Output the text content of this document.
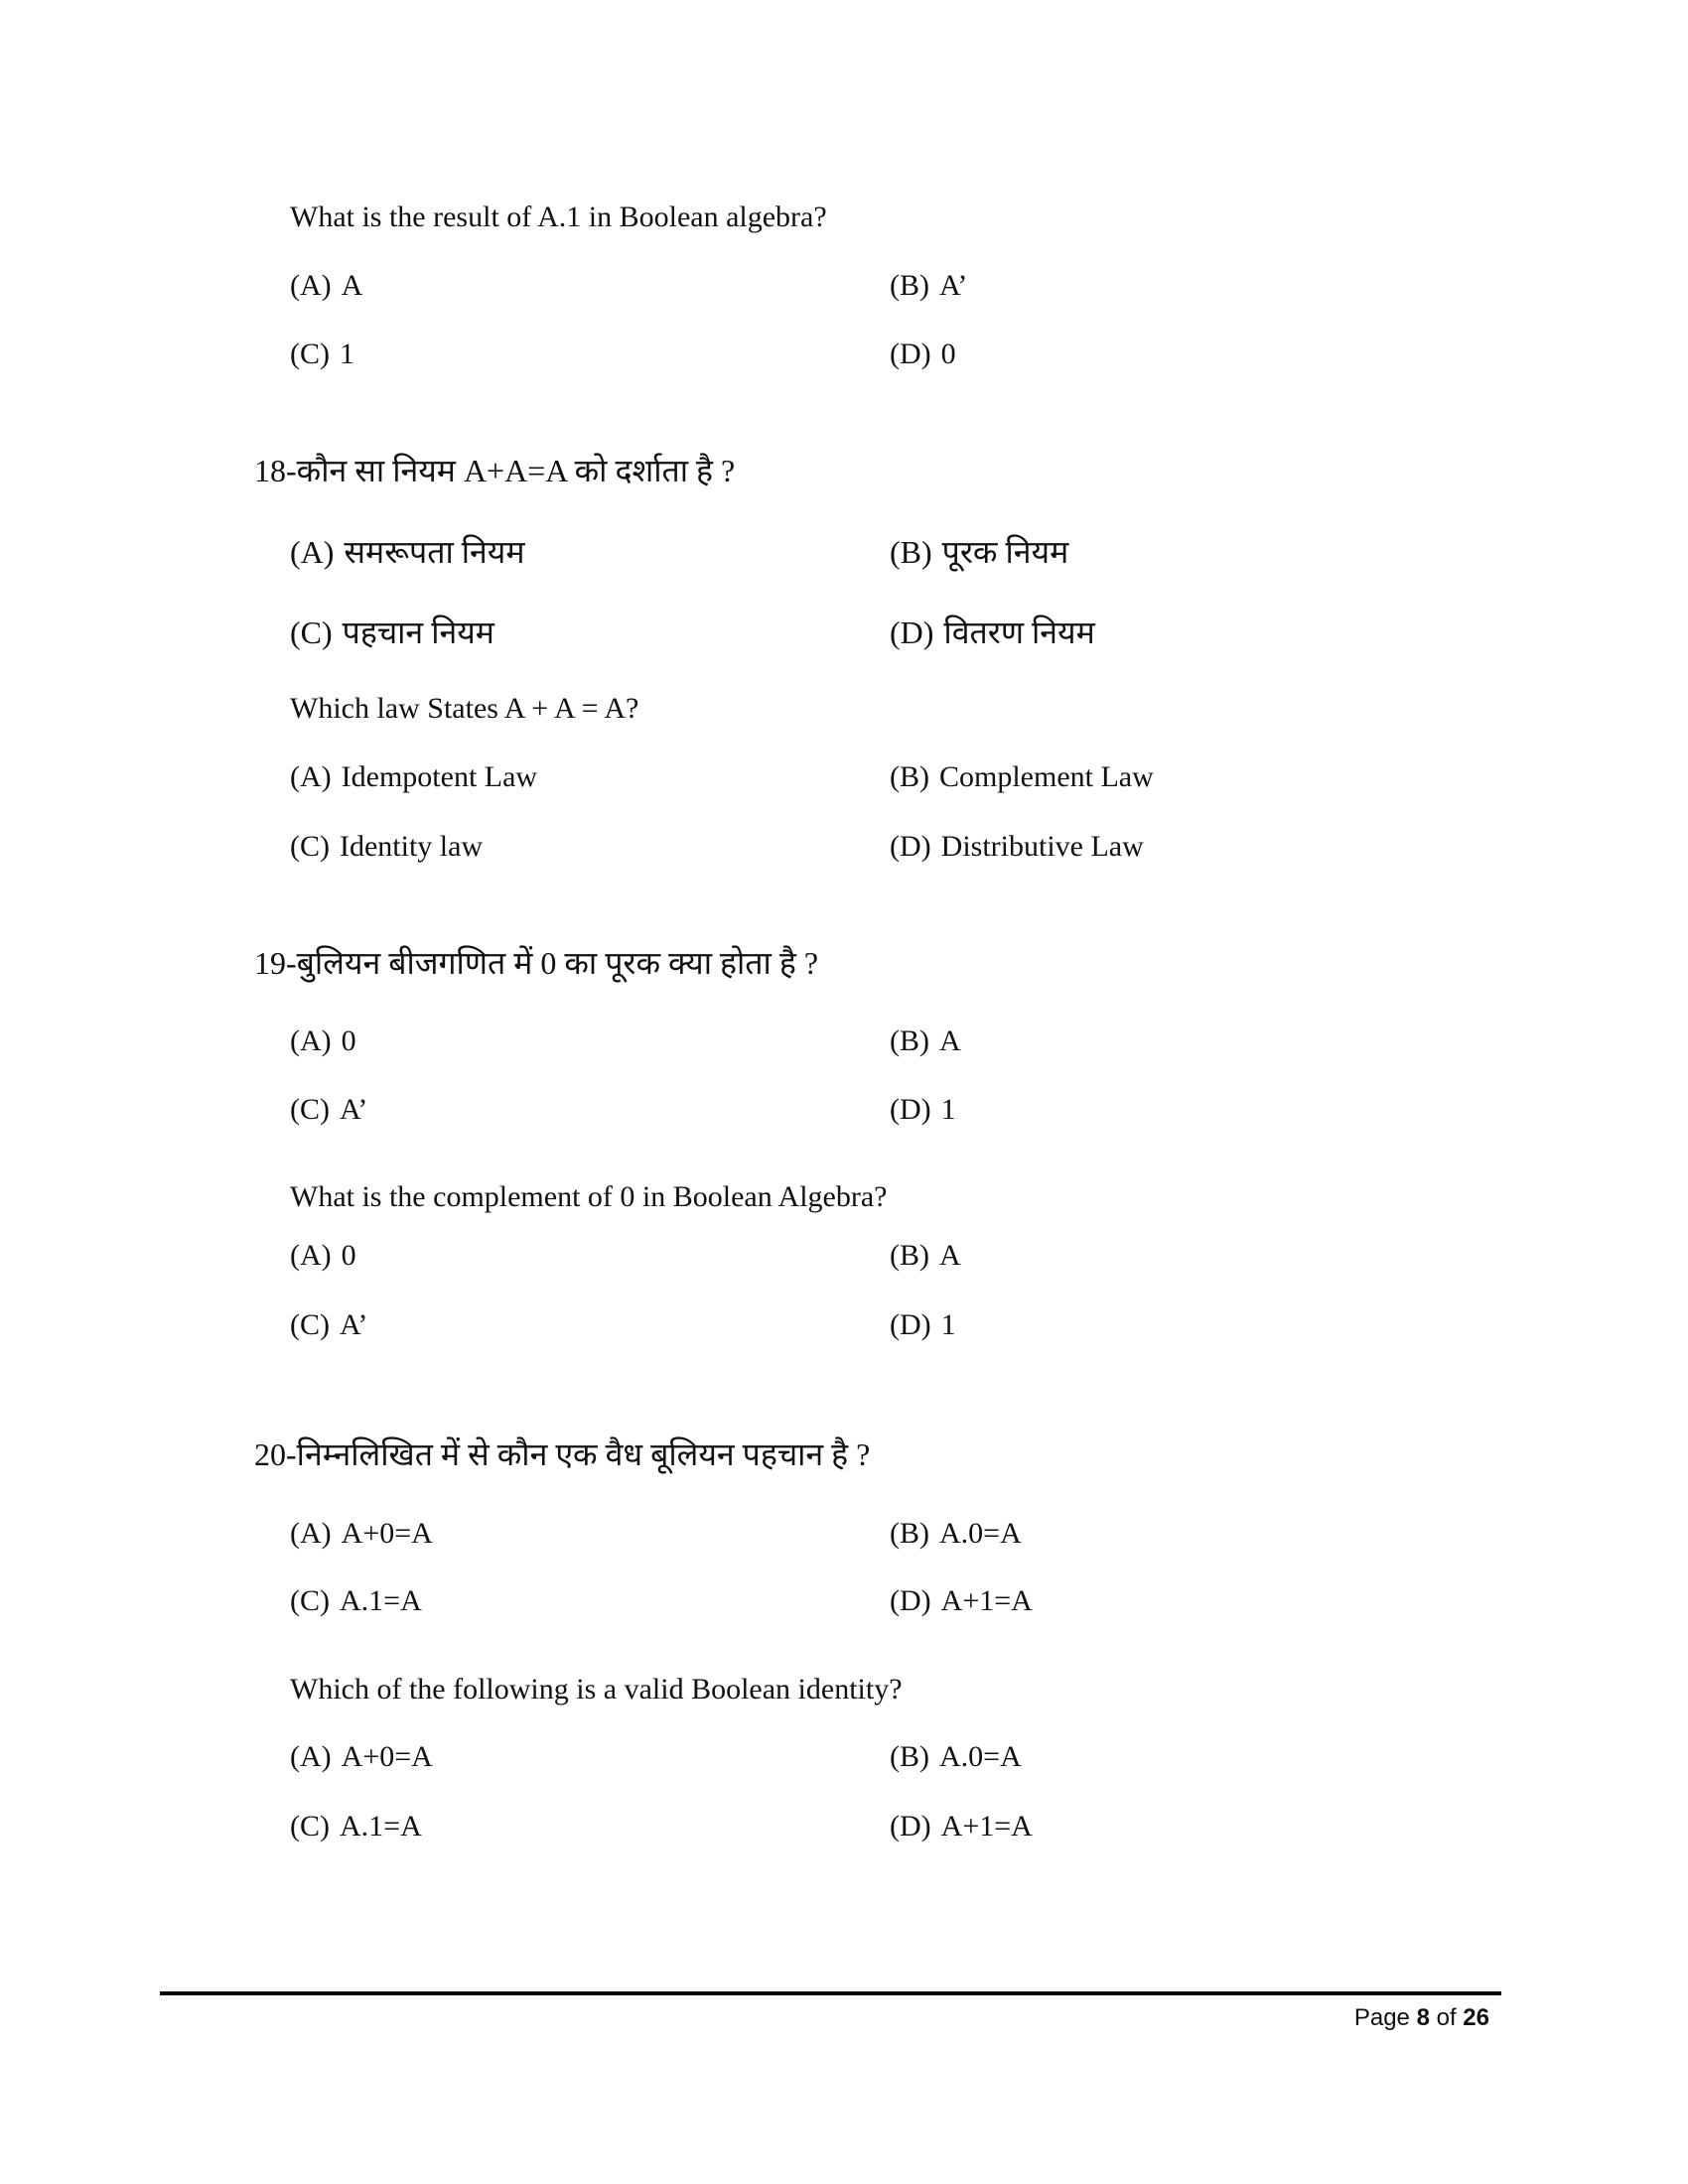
What is the result of A.1 in Boolean algebra?
(A) A	(B) A’
(C) 1	(D) 0
18-कौन सा नियम A+A=A को दर्शाता है ?
(A) समरूपता नियम	(B) पूरक नियम
(C) पहचान नियम	(D) वितरण नियम
Which law States A + A = A?
(A) Idempotent Law	(B) Complement Law
(C) Identity law	(D) Distributive Law
19-बुलियन बीजगणित में 0 का पूरक क्या होता है ?
(A) 0	(B) A
(C) A’	(D) 1
What is the complement of 0 in Boolean Algebra?
(A) 0	(B) A
(C) A’	(D) 1
20-निम्नलिखित में से कौन एक वैध बूलियन पहचान है ?
(A) A+0=A	(B) A.0=A
(C) A.1=A	(D) A+1=A
Which of the following is a valid Boolean identity?
(A) A+0=A	(B) A.0=A
(C) A.1=A	(D) A+1=A
Page 8 of 26
